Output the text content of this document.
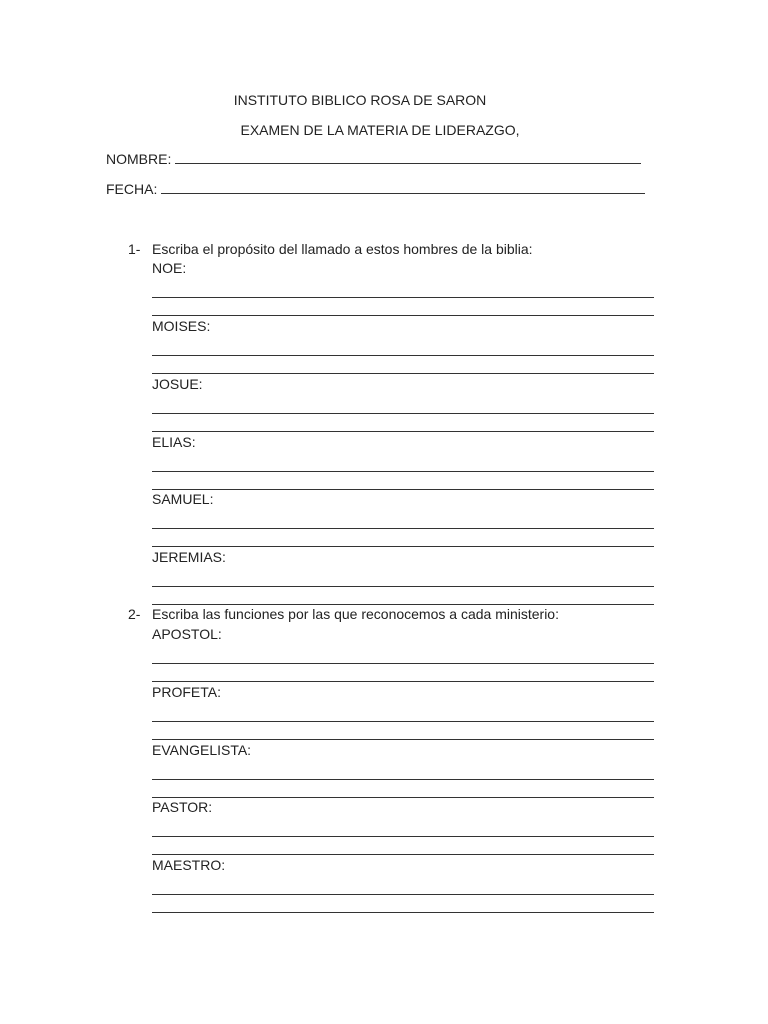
INSTITUTO BIBLICO ROSA DE SARON
EXAMEN DE LA MATERIA DE LIDERAZGO,
NOMBRE:
FECHA:
1- Escriba el propósito del llamado a estos hombres de la biblia:
NOE:
MOISES:
JOSUE:
ELIAS:
SAMUEL:
JEREMIAS:
2- Escriba las funciones por las que reconocemos a cada ministerio:
APOSTOL:
PROFETA:
EVANGELISTA:
PASTOR:
MAESTRO:
